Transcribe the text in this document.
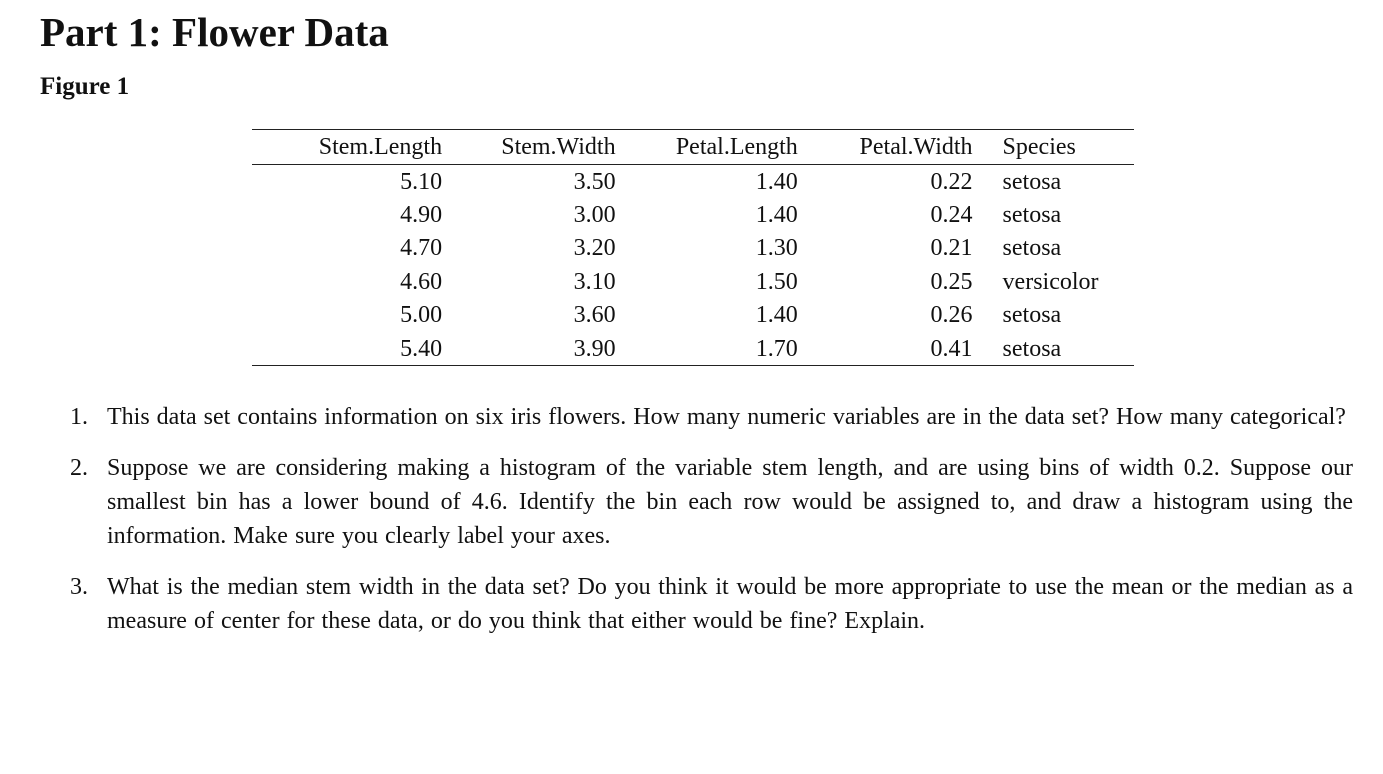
Part 1: Flower Data
Figure 1
Stem.Length	Stem.Width	Petal.Length	Petal.Width	Species
5.10	3.50	1.40	0.22	setosa
4.90	3.00	1.40	0.24	setosa
4.70	3.20	1.30	0.21	setosa
4.60	3.10	1.50	0.25	versicolor
5.00	3.60	1.40	0.26	setosa
5.40	3.90	1.70	0.41	setosa
1. This data set contains information on six iris flowers. How many numeric variables are in the data set? How many categorical?
2. Suppose we are considering making a histogram of the variable stem length, and are using bins of width 0.2. Suppose our smallest bin has a lower bound of 4.6. Identify the bin each row would be assigned to, and draw a histogram using the information. Make sure you clearly label your axes.
3. What is the median stem width in the data set? Do you think it would be more appropriate to use the mean or the median as a measure of center for these data, or do you think that either would be fine? Explain.
